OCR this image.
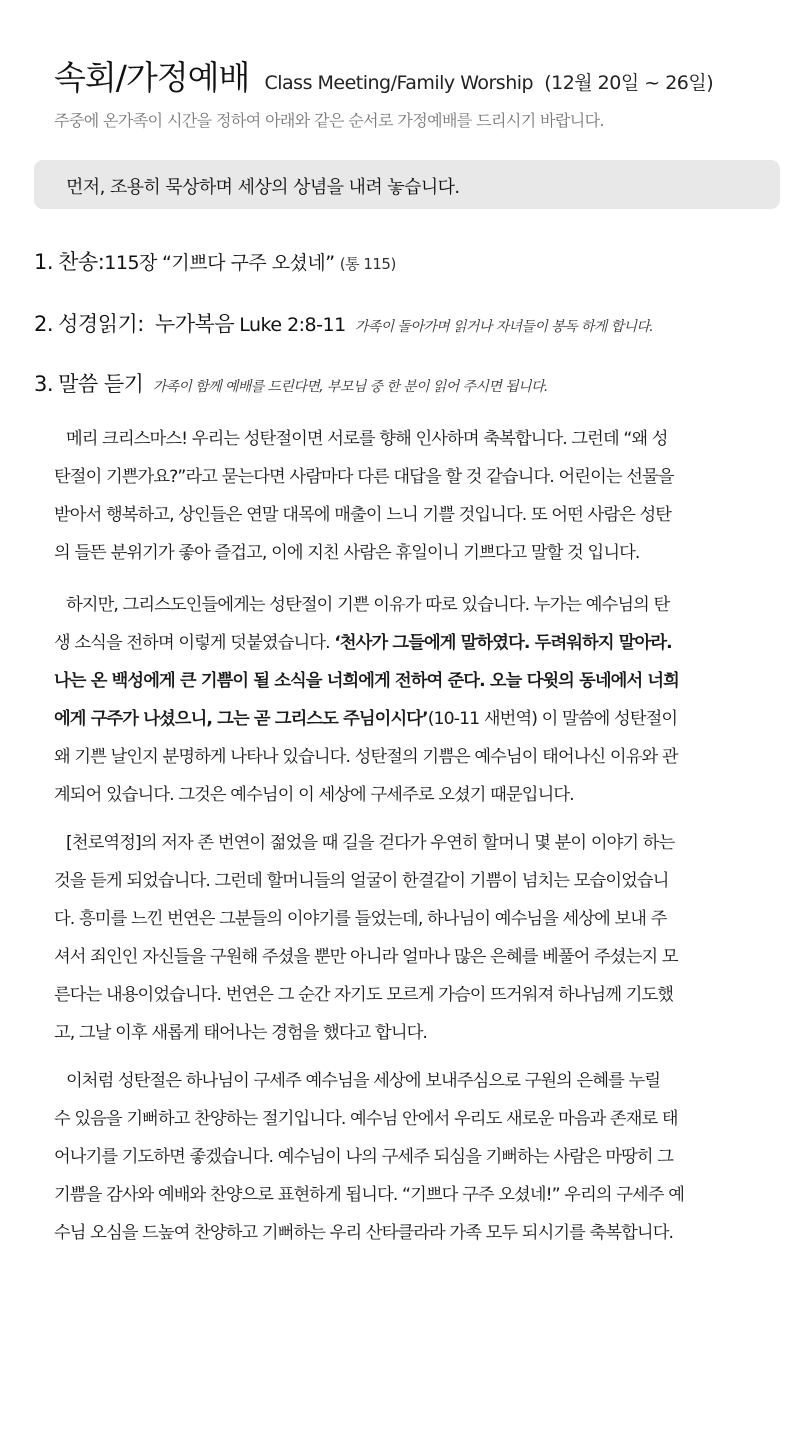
속회/가정예배 Class Meeting/Family Worship (12월 20일 ~ 26일)
주중에 온가족이 시간을 정하여 아래와 같은 순서로 가정예배를 드리시기 바랍니다.
먼저, 조용히 묵상하며 세상의 상념을 내려 놓습니다.
1. 찬송:115장 “기쁘다 구주 오셨네” (통 115)
2. 성경읽기: 누가복음 Luke 2:8-11 가족이 돌아가며 읽거나 자녀들이 봉독 하게 합니다.
3. 말씀 듣기 가족이 함께 예배를 드린다면, 부모님 중 한 분이 읽어 주시면 됩니다.
메리 크리스마스! 우리는 성탄절이면 서로를 향해 인사하며 축복합니다. 그런데 “왜 성
탄절이 기쁜가요?”라고 묻는다면 사람마다 다른 대답을 할 것 같습니다. 어린이는 선물을
받아서 행복하고, 상인들은 연말 대목에 매출이 느니 기쁠 것입니다. 또 어떤 사람은 성탄
의 들뜬 분위기가 좋아 즐겁고, 이에 지친 사람은 휴일이니 기쁘다고 말할 것 입니다.
하지만, 그리스도인들에게는 성탄절이 기쁜 이유가 따로 있습니다. 누가는 예수님의 탄
생 소식을 전하며 이렇게 덧붙였습니다. ‘천사가 그들에게 말하였다. 두려워하지 말아라.
나는 온 백성에게 큰 기쁨이 될 소식을 너희에게 전하여 준다. 오늘 다윗의 동네에서 너희
에게 구주가 나셨으니, 그는 곧 그리스도 주님이시다’(10-11 새번역) 이 말씀에 성탄절이
왜 기쁜 날인지 분명하게 나타나 있습니다. 성탄절의 기쁨은 예수님이 태어나신 이유와 관
계되어 있습니다. 그것은 예수님이 이 세상에 구세주로 오셨기 때문입니다.
[천로역정]의 저자 존 번연이 젊었을 때 길을 걷다가 우연히 할머니 몇 분이 이야기 하는
것을 듣게 되었습니다. 그런데 할머니들의 얼굴이 한결같이 기쁨이 넘치는 모습이었습니
다. 흥미를 느낀 번연은 그분들의 이야기를 들었는데, 하나님이 예수님을 세상에 보내 주
셔서 죄인인 자신들을 구원해 주셨을 뿐만 아니라 얼마나 많은 은혜를 베풀어 주셨는지 모
른다는 내용이었습니다. 번연은 그 순간 자기도 모르게 가슴이 뜨거워져 하나님께 기도했
고, 그날 이후 새롭게 태어나는 경험을 했다고 합니다.
이처럼 성탄절은 하나님이 구세주 예수님을 세상에 보내주심으로 구원의 은혜를 누릴
수 있음을 기뻐하고 찬양하는 절기입니다. 예수님 안에서 우리도 새로운 마음과 존재로 태
어나기를 기도하면 좋겠습니다. 예수님이 나의 구세주 되심을 기뻐하는 사람은 마땅히 그
기쁨을 감사와 예배와 찬양으로 표현하게 됩니다. “기쁘다 구주 오셨네!” 우리의 구세주 예
수님 오심을 드높여 찬양하고 기뻐하는 우리 산타클라라 가족 모두 되시기를 축복합니다.
